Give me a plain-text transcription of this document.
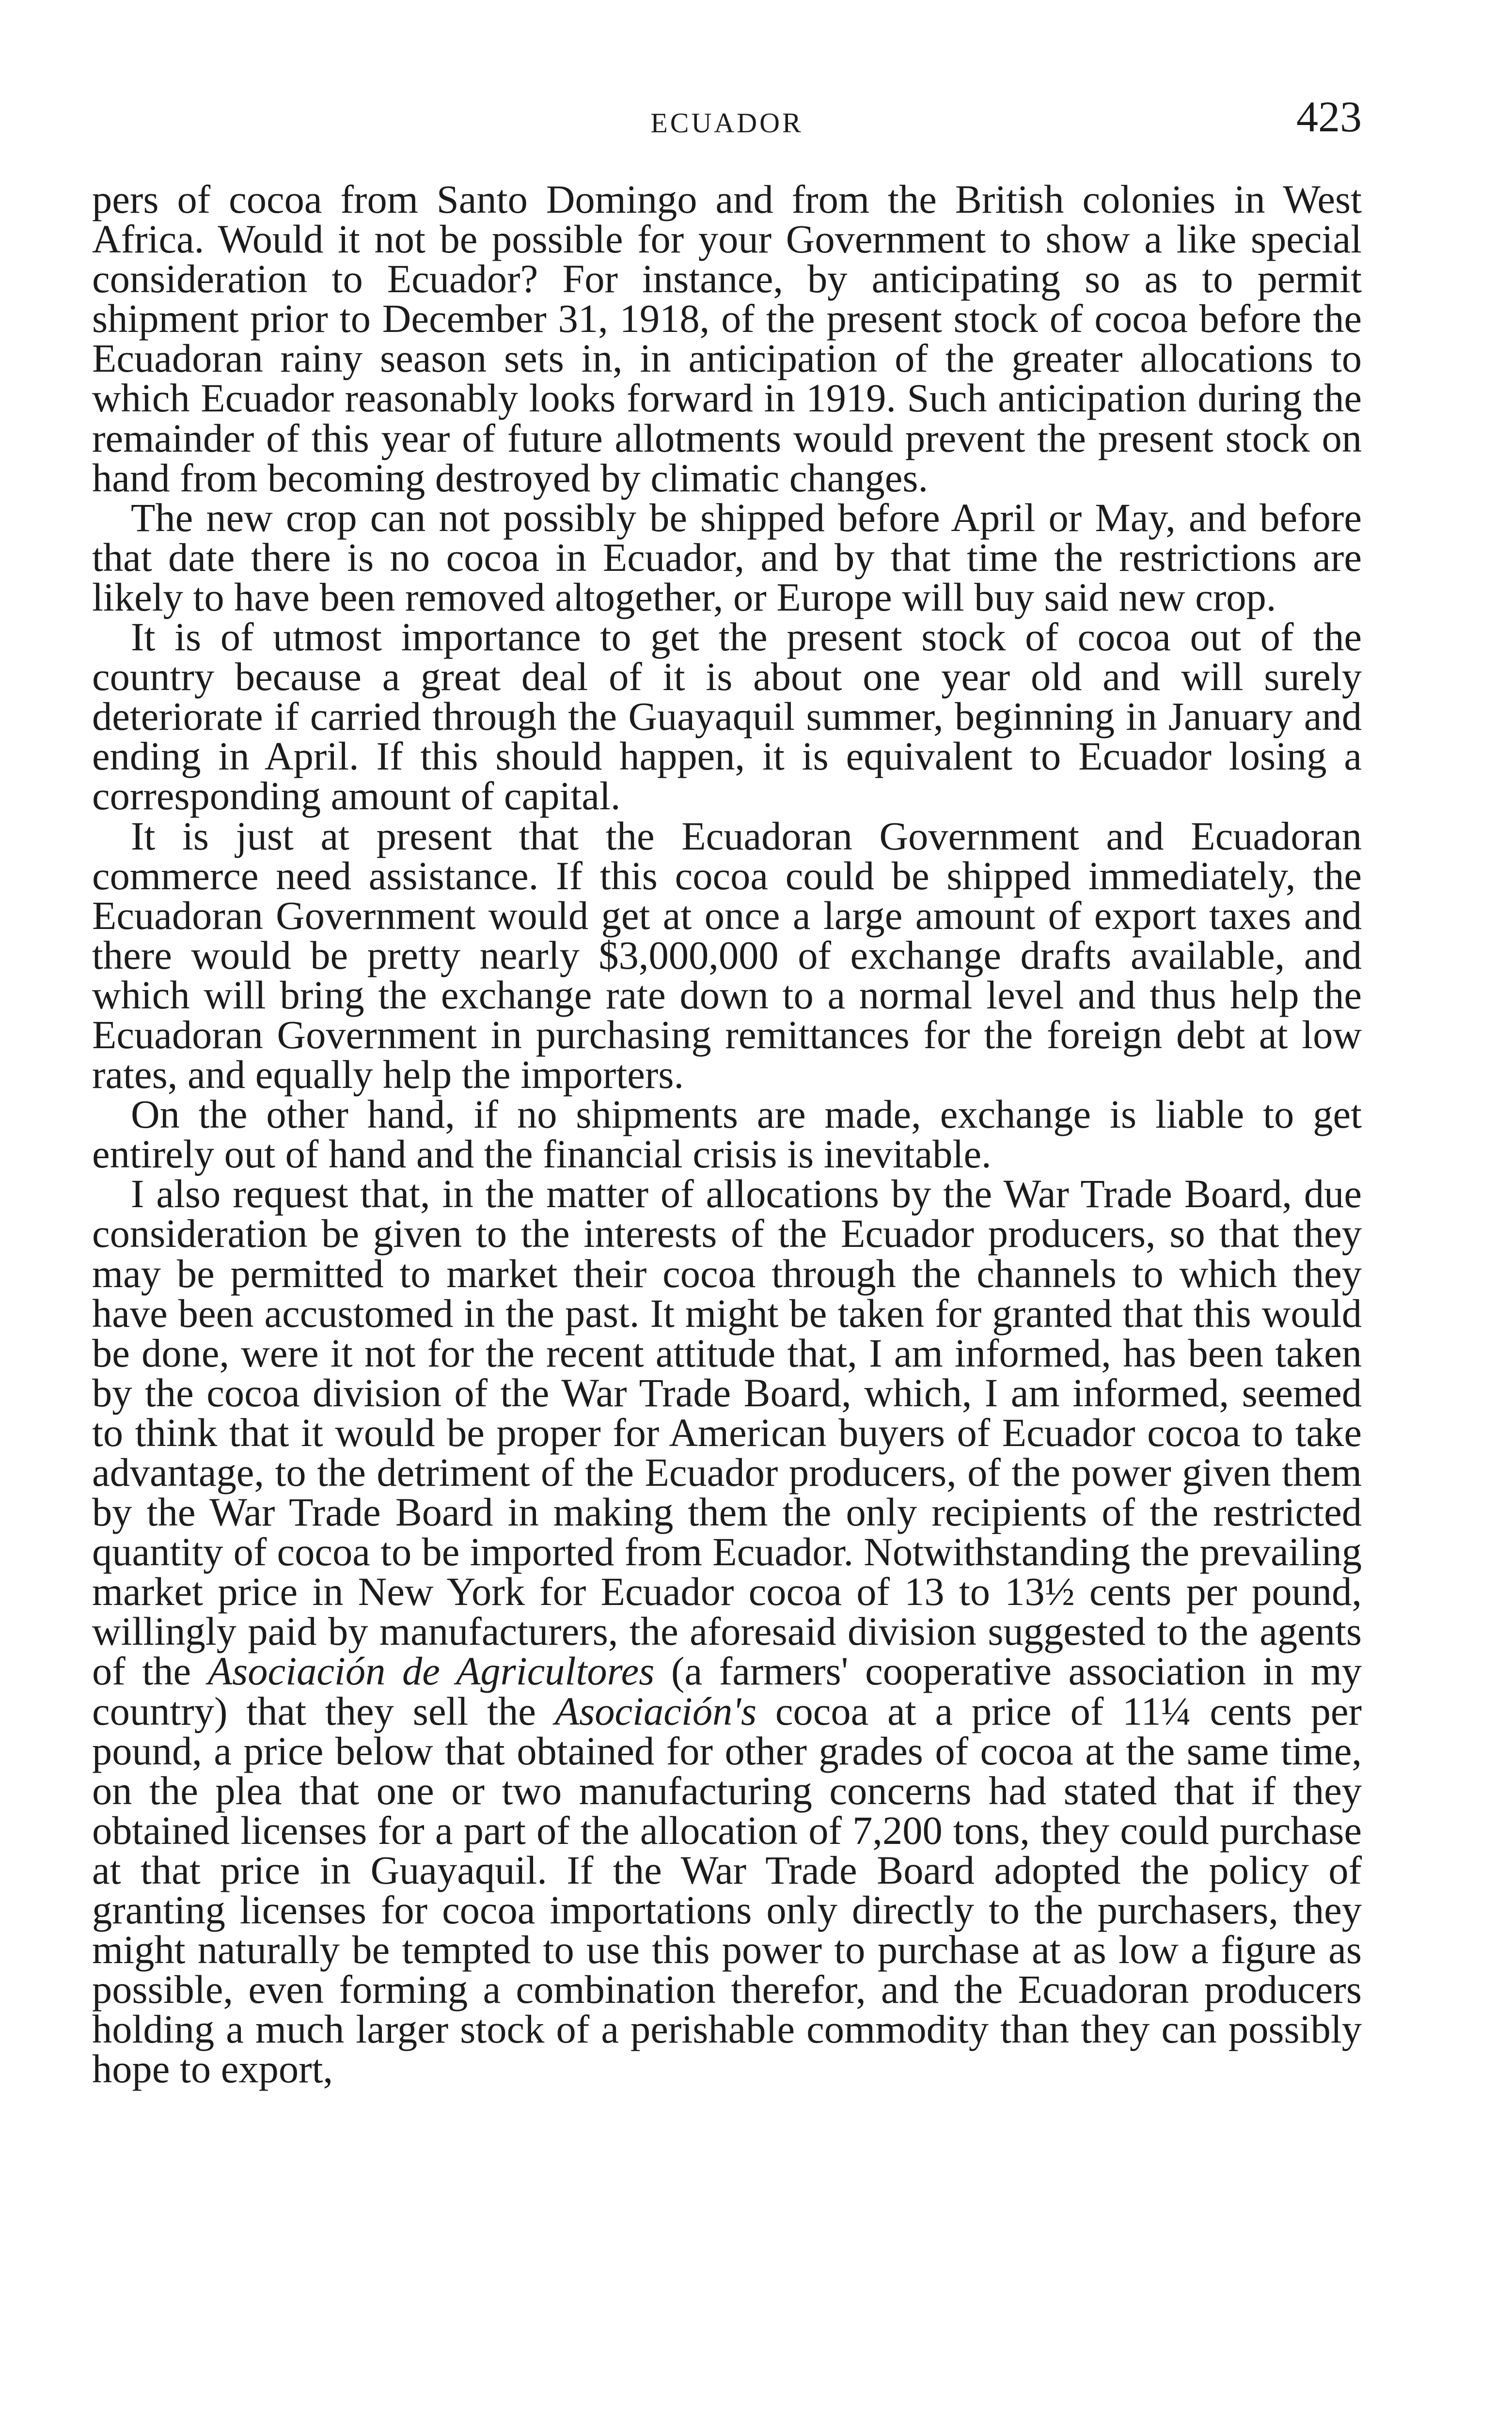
ECUADOR	423

pers of cocoa from Santo Domingo and from the British colonies in West Africa. Would it not be possible for your Government to show a like special consideration to Ecuador? For instance, by anticipating so as to permit shipment prior to December 31, 1918, of the present stock of cocoa before the Ecuadoran rainy season sets in, in anticipation of the greater allocations to which Ecuador reasonably looks forward in 1919. Such anticipation during the remainder of this year of future allotments would prevent the present stock on hand from becoming destroyed by climatic changes.

The new crop can not possibly be shipped before April or May, and before that date there is no cocoa in Ecuador, and by that time the restrictions are likely to have been removed altogether, or Europe will buy said new crop.

It is of utmost importance to get the present stock of cocoa out of the country because a great deal of it is about one year old and will surely deteriorate if carried through the Guayaquil summer, beginning in January and ending in April. If this should happen, it is equivalent to Ecuador losing a corresponding amount of capital.

It is just at present that the Ecuadoran Government and Ecuadoran commerce need assistance. If this cocoa could be shipped immediately, the Ecuadoran Government would get at once a large amount of export taxes and there would be pretty nearly $3,000,000 of exchange drafts available, and which will bring the exchange rate down to a normal level and thus help the Ecuadoran Government in purchasing remittances for the foreign debt at low rates, and equally help the importers.

On the other hand, if no shipments are made, exchange is liable to get entirely out of hand and the financial crisis is inevitable.

I also request that, in the matter of allocations by the War Trade Board, due consideration be given to the interests of the Ecuador producers, so that they may be permitted to market their cocoa through the channels to which they have been accustomed in the past. It might be taken for granted that this would be done, were it not for the recent attitude that, I am informed, has been taken by the cocoa division of the War Trade Board, which, I am informed, seemed to think that it would be proper for American buyers of Ecuador cocoa to take advantage, to the detriment of the Ecuador producers, of the power given them by the War Trade Board in making them the only recipients of the restricted quantity of cocoa to be imported from Ecuador. Notwithstanding the prevailing market price in New York for Ecuador cocoa of 13 to 13½ cents per pound, willingly paid by manufacturers, the aforesaid division suggested to the agents of the Asociación de Agricultores (a farmers' cooperative association in my country) that they sell the Asociación's cocoa at a price of 11¼ cents per pound, a price below that obtained for other grades of cocoa at the same time, on the plea that one or two manufacturing concerns had stated that if they obtained licenses for a part of the allocation of 7,200 tons, they could purchase at that price in Guayaquil. If the War Trade Board adopted the policy of granting licenses for cocoa importations only directly to the purchasers, they might naturally be tempted to use this power to purchase at as low a figure as possible, even forming a combination therefor, and the Ecuadoran producers holding a much larger stock of a perishable commodity than they can possibly hope to export,
